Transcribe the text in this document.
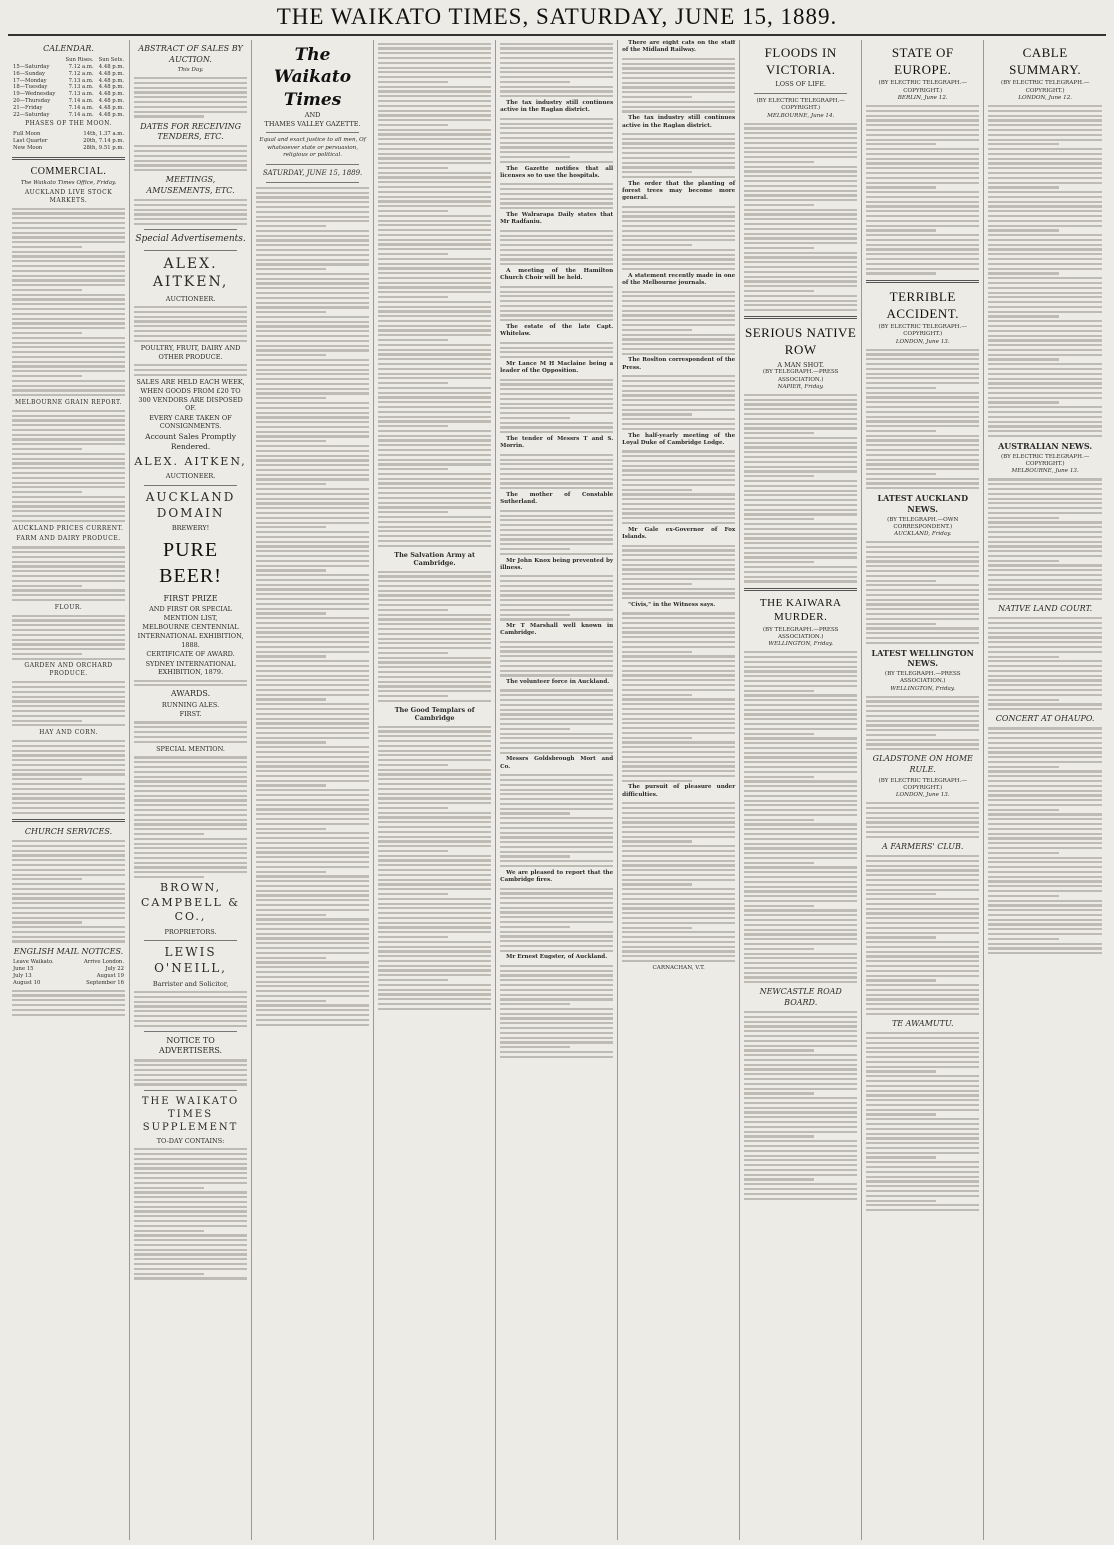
THE WAIKATO TIMES, SATURDAY, JUNE 15, 1889.
CALENDAR.
	Sun Rises.	Sun Sets.
15—Saturday	7.12 a.m.	4.48 p.m.
16—Sunday	7.12 a.m.	4.48 p.m.
17—Monday	7.13 a.m.	4.48 p.m.
18—Tuesday	7.13 a.m.	4.48 p.m.
19—Wednesday	7.13 a.m.	4.48 p.m.
20—Thursday	7.14 a.m.	4.48 p.m.
21—Friday	7.14 a.m.	4.48 p.m.
22—Saturday	7.14 a.m.	4.48 p.m.
PHASES OF THE MOON.
Full Moon	14th, 1.37 a.m.
Last Quarter	20th, 7.14 p.m.
New Moon	28th, 9.51 p.m.
COMMERCIAL.
The Waikato Times Office, Friday.
AUCKLAND LIVE STOCK MARKETS.
MELBOURNE GRAIN REPORT.
AUCKLAND PRICES CURRENT.
FARM AND DAIRY PRODUCE.
FLOUR.
GARDEN AND ORCHARD PRODUCE.
HAY AND CORN.
CHURCH SERVICES.
ENGLISH MAIL NOTICES.
Leave Waikato.	Arrive London.
June 15	July 22
July 13	August 19
August 10	September 16
ABSTRACT OF SALES BY AUCTION.
This Day.
DATES FOR RECEIVING TENDERS, ETC.
MEETINGS, AMUSEMENTS, ETC.
Special Advertisements.
ALEX. AITKEN,
AUCTIONEER.
POULTRY, FRUIT, DAIRY AND OTHER PRODUCE.
SALES ARE HELD EACH WEEK, WHEN GOODS FROM £20 TO 300 VENDORS ARE DISPOSED OF.
EVERY CARE TAKEN OF CONSIGNMENTS.
Account Sales Promptly Rendered.
ALEX. AITKEN,
AUCTIONEER.
AUCKLAND DOMAIN
BREWERY!
PURE BEER!
FIRST PRIZE
AND FIRST OR SPECIAL MENTION LIST,
MELBOURNE CENTENNIAL INTERNATIONAL EXHIBITION, 1888.
CERTIFICATE OF AWARD.
SYDNEY INTERNATIONAL EXHIBITION, 1879.
AWARDS.
RUNNING ALES.
FIRST.
SPECIAL MENTION.
BROWN, CAMPBELL & CO.,
PROPRIETORS.
LEWIS O'NEILL,
Barrister and Solicitor,
NOTICE TO ADVERTISERS.
THE WAIKATO TIMES SUPPLEMENT
TO-DAY CONTAINS:
The Waikato Times
AND
THAMES VALLEY GAZETTE.
Equal and exact justice to all men, Of whatsoever state or persuasion, religious or political.
SATURDAY, JUNE 15, 1889.
The Salvation Army at Cambridge.
The Good Templars of Cambridge
The tax industry still continues active in the Raglan district.
The Gazette notifies that all licenses so to use the hospitals.
The Walrarapa Daily states that Mr Radfaniu.
A meeting of the Hamilton Church Choir will be held.
The estate of the late Capt. Whitelaw.
Mr Lance M H Maclaine being a leader of the Opposition.
The tender of Messrs T and S. Morrin.
The mother of Constable Sutherland.
Mr John Knox being prevented by illness.
Mr T Marshall well known in Cambridge.
The volunteer force in Auckland.
Messrs Goldsbrough Mort and Co.
We are pleased to report that the Cambridge fires.
Mr Ernest Eugster, of Auckland.
There are eight cats on the staff of the Midland Railway.
The tax industry still continues active in the Raglan district.
The order that the planting of forest trees may become more general.
A statement recently made in one of the Melbourne journals.
The Roslton correspondent of the Press.
The half-yearly meeting of the Loyal Duke of Cambridge Lodge.
Mr Gale ex-Governor of Fox Islands.
"Civis," in the Witness says.
The pursuit of pleasure under difficulties.
CARNACHAN, V.T.
FLOODS IN VICTORIA.
LOSS OF LIFE.
(BY ELECTRIC TELEGRAPH.—COPYRIGHT.)
MELBOURNE, June 14.
SERIOUS NATIVE ROW
A MAN SHOT.
(BY TELEGRAPH.—PRESS ASSOCIATION.)
NAPIER, Friday.
THE KAIWARA MURDER.
(BY TELEGRAPH.—PRESS ASSOCIATION.)
WELLINGTON, Friday.
NEWCASTLE ROAD BOARD.
STATE OF EUROPE.
(BY ELECTRIC TELEGRAPH.—COPYRIGHT.)
BERLIN, June 12.
TERRIBLE ACCIDENT.
(BY ELECTRIC TELEGRAPH.—COPYRIGHT.)
LONDON, June 13.
LATEST AUCKLAND NEWS.
(BY TELEGRAPH.—OWN CORRESPONDENT.)
AUCKLAND, Friday.
LATEST WELLINGTON NEWS.
(BY TELEGRAPH.—PRESS ASSOCIATION.)
WELLINGTON, Friday.
GLADSTONE ON HOME RULE.
(BY ELECTRIC TELEGRAPH.—COPYRIGHT.)
LONDON, June 13.
A FARMERS' CLUB.
TE AWAMUTU.
CABLE SUMMARY.
(BY ELECTRIC TELEGRAPH.—COPYRIGHT.)
LONDON, June 12.
AUSTRALIAN NEWS.
(BY ELECTRIC TELEGRAPH.—COPYRIGHT.)
MELBOURNE, June 13.
NATIVE LAND COURT.
CONCERT AT OHAUPO.
